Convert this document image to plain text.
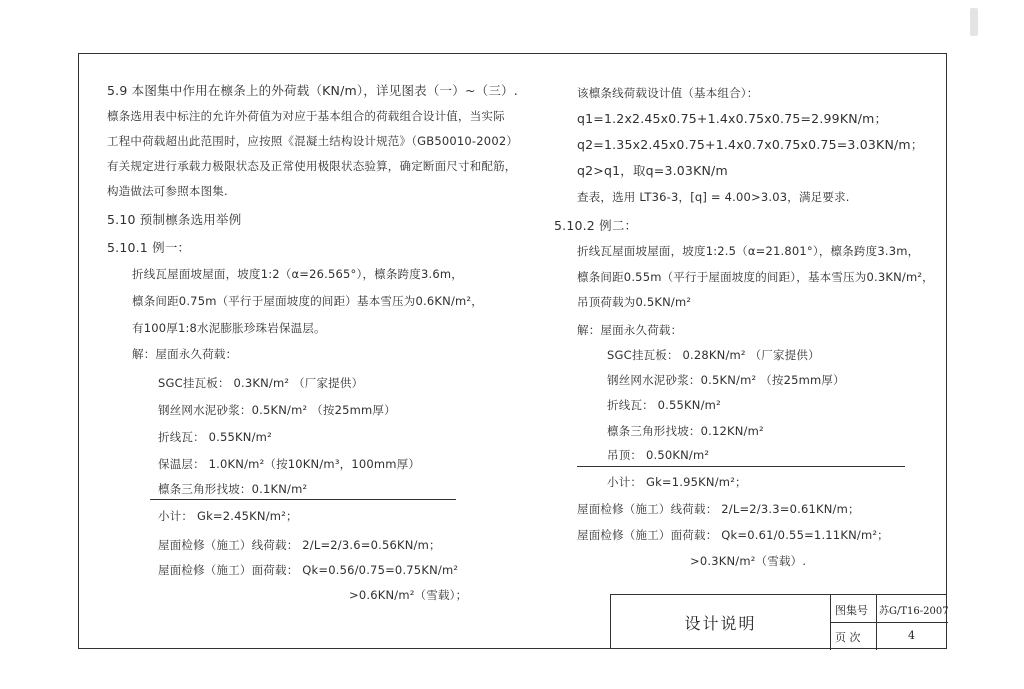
5.9 本图集中作用在檩条上的外荷载（KN/m），详见图表（一）~（三）.
檩条选用表中标注的允许外荷值为对应于基本组合的荷载组合设计值，当实际
工程中荷载超出此范围时，应按照《混凝土结构设计规范》（GB50010-2002）
有关规定进行承载力极限状态及正常使用极限状态验算，确定断面尺寸和配筋，
构造做法可参照本图集.
5.10 预制檩条选用举例
5.10.1 例一：
折线瓦屋面坡屋面，坡度1:2（α=26.565°），檩条跨度3.6m，
檩条间距0.75m（平行于屋面坡度的间距）基本雪压为0.6KN/m²，
有100厚1:8水泥膨胀珍珠岩保温层。
解：屋面永久荷载：
SGC挂瓦板： 0.3KN/m² （厂家提供）
钢丝网水泥砂浆：0.5KN/m² （按25mm厚）
折线瓦： 0.55KN/m²
保温层： 1.0KN/m²（按10KN/m³，100mm厚）
檩条三角形找坡：0.1KN/m²
小计： Gk=2.45KN/m²；
屋面检修（施工）线荷载： 2/L=2/3.6=0.56KN/m；
屋面检修（施工）面荷载： Qk=0.56/0.75=0.75KN/m²
>0.6KN/m²（雪载）；
该檩条线荷载设计值（基本组合）：
q1=1.2x2.45x0.75+1.4x0.75x0.75=2.99KN/m；
q2=1.35x2.45x0.75+1.4x0.7x0.75x0.75=3.03KN/m；
q2>q1，取q=3.03KN/m
查表，选用 LT36-3，[q] = 4.00>3.03，满足要求.
5.10.2 例二：
折线瓦屋面坡屋面，坡度1:2.5（α=21.801°），檩条跨度3.3m，
檩条间距0.55m（平行于屋面坡度的间距），基本雪压为0.3KN/m²，
吊顶荷载为0.5KN/m²
解：屋面永久荷载：
SGC挂瓦板： 0.28KN/m² （厂家提供）
钢丝网水泥砂浆：0.5KN/m² （按25mm厚）
折线瓦： 0.55KN/m²
檩条三角形找坡：0.12KN/m²
吊顶： 0.50KN/m²
小计： Gk=1.95KN/m²；
屋面检修（施工）线荷载： 2/L=2/3.3=0.61KN/m；
屋面检修（施工）面荷载： Qk=0.61/0.55=1.11KN/m²；
>0.3KN/m²（雪载）.
设计说明
图集号 苏G/T16-2007
页 次	4
